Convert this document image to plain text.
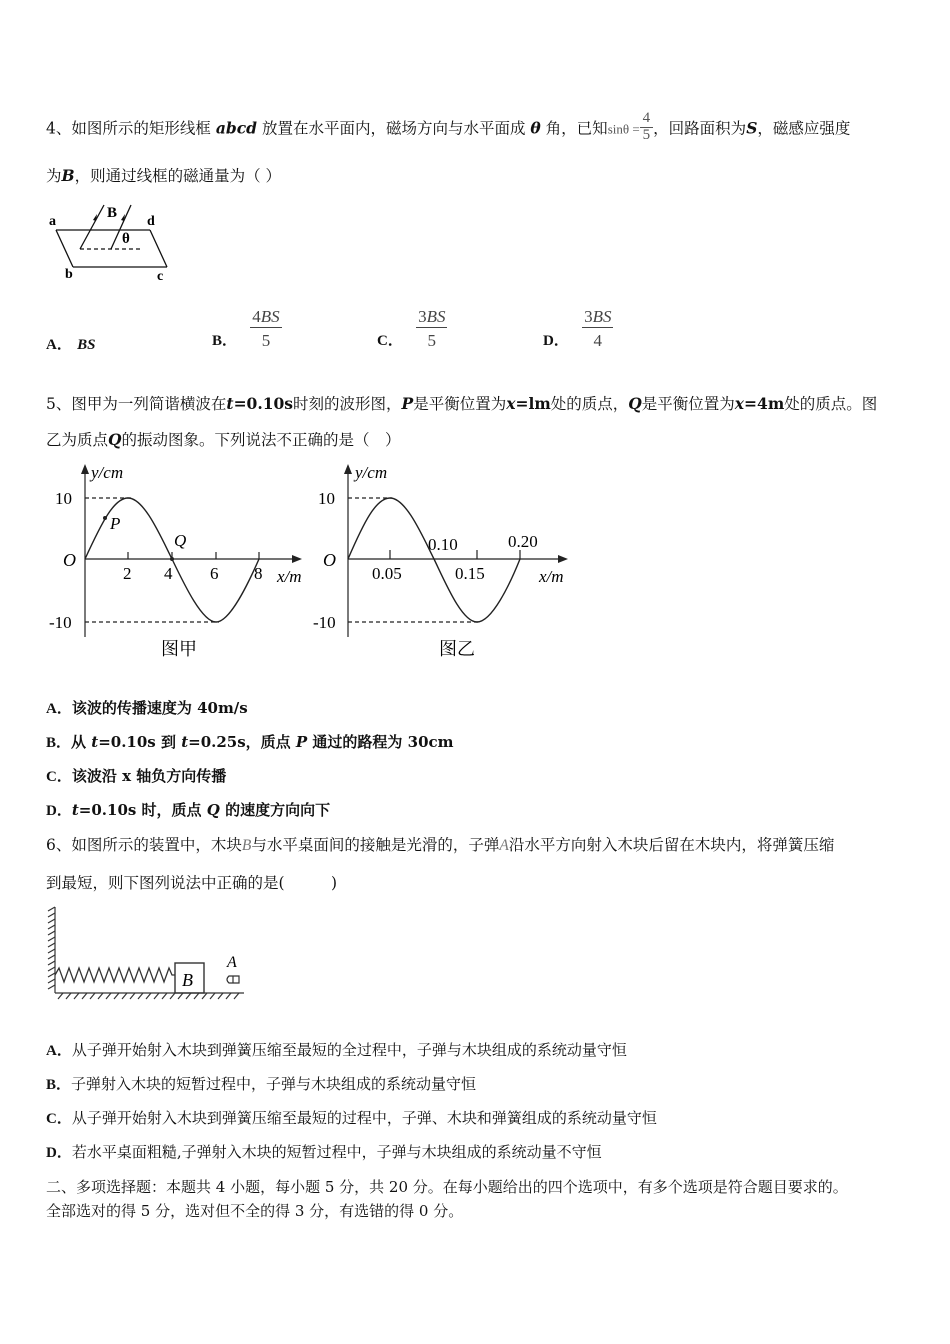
4、如图所示的矩形线框 abcd 放置在水平面内，磁场方向与水平面成 θ 角，已知$\sin\theta = \frac{4}{5}$ ，回路面积为S，磁感应强度
为B，则通过线框的磁通量为（ ）
a
B
d
θ
b	c
A． BS	B． $\frac{4BS}{5}$	C． $\frac{3BS}{5}$	D． $\frac{3BS}{4}$
5、图甲为一列简谐横波在t=0.10s时刻的波形图，P是平衡位置为x=lm处的质点，Q是平衡位置为x=4m处的质点。图
乙为质点Q的振动图象。下列说法不正确的是（　）
y/cm
10
-10
O
P
Q
2 4 6 8 x/m
图甲
y/cm
10
-10
O
0.05
0.10
0.15
0.20
x/m
图乙
A．该波的传播速度为 40m/s
B．从 t=0.10s 到 t=0.25s，质点 P 通过的路程为 30cm
C．该波沿 x 轴负方向传播
D．t=0.10s 时，质点 Q 的速度方向向下
6、如图所示的装置中，木块B与水平桌面间的接触是光滑的，子弹A沿水平方向射入木块后留在木块内，将弹簧压缩
到最短，则下图列说法中正确的是(　　　)
B
A
A．从子弹开始射入木块到弹簧压缩至最短的全过程中，子弹与木块组成的系统动量守恒
B．子弹射入木块的短暂过程中，子弹与木块组成的系统动量守恒
C．从子弹开始射入木块到弹簧压缩至最短的过程中，子弹、木块和弹簧组成的系统动量守恒
D．若水平桌面粗糙,子弹射入木块的短暂过程中，子弹与木块组成的系统动量不守恒
二、多项选择题：本题共 4 小题，每小题 5 分，共 20 分。在每小题给出的四个选项中，有多个选项是符合题目要求的。
全部选对的得 5 分，选对但不全的得 3 分，有选错的得 0 分。
